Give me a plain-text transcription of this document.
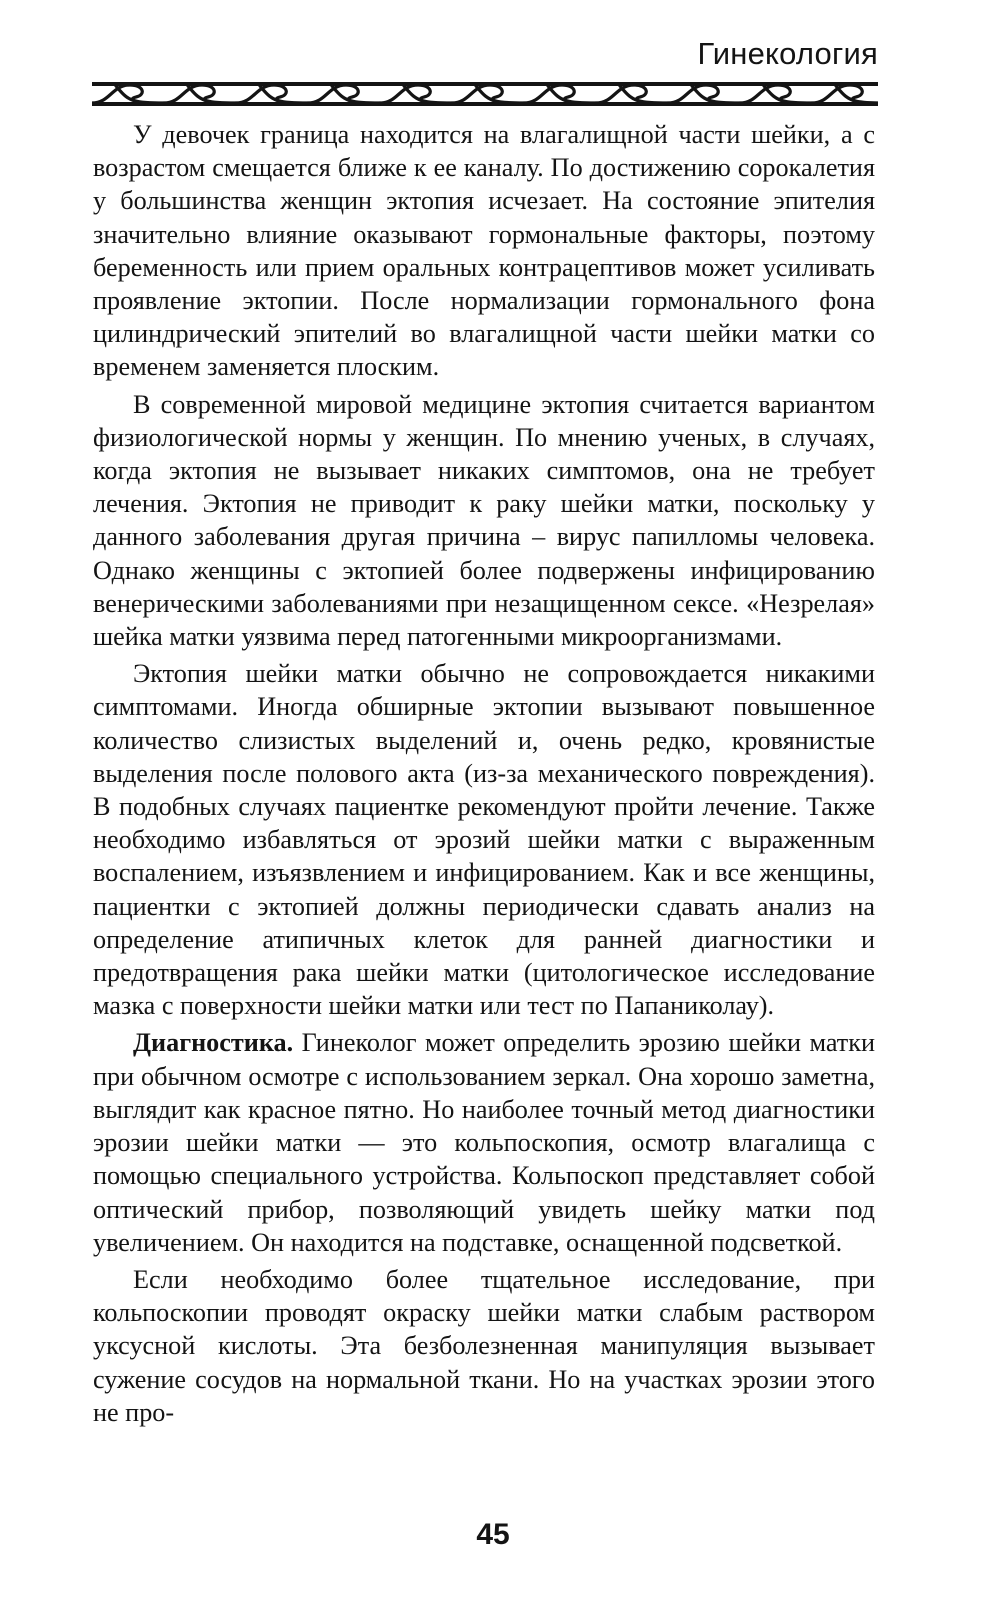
Гинекология

У девочек граница находится на влагалищной части шейки, а с возрастом смещается ближе к ее каналу. По достижению сорокалетия у большинства женщин эктопия исчезает. На состояние эпителия значительно влияние оказывают гормональные факторы, поэтому беременность или прием оральных контрацептивов может усиливать проявление эктопии. После нормализации гормонального фона цилиндрический эпителий во влагалищной части шейки матки со временем заменяется плоским.

В современной мировой медицине эктопия считается вариантом физиологической нормы у женщин. По мнению ученых, в случаях, когда эктопия не вызывает никаких симптомов, она не требует лечения. Эктопия не приводит к раку шейки матки, поскольку у данного заболевания другая причина – вирус папилломы человека. Однако женщины с эктопией более подвержены инфицированию венерическими заболеваниями при незащищенном сексе. «Незрелая» шейка матки уязвима перед патогенными микроорганизмами.

Эктопия шейки матки обычно не сопровождается никакими симптомами. Иногда обширные эктопии вызывают повышенное количество слизистых выделений и, очень редко, кровянистые выделения после полового акта (из-за механического повреждения). В подобных случаях пациентке рекомендуют пройти лечение. Также необходимо избавляться от эрозий шейки матки с выраженным воспалением, изъязвлением и инфицированием. Как и все женщины, пациентки с эктопией должны периодически сдавать анализ на определение атипичных клеток для ранней диагностики и предотвращения рака шейки матки (цитологическое исследование мазка с поверхности шейки матки или тест по Папаниколау).

Диагностика. Гинеколог может определить эрозию шейки матки при обычном осмотре с использованием зеркал. Она хорошо заметна, выглядит как красное пятно. Но наиболее точный метод диагностики эрозии шейки матки — это кольпоскопия, осмотр влагалища с помощью специального устройства. Кольпоскоп представляет собой оптический прибор, позволяющий увидеть шейку матки под увеличением. Он находится на подставке, оснащенной подсветкой.

Если необходимо более тщательное исследование, при кольпоскопии проводят окраску шейки матки слабым раствором уксусной кислоты. Эта безболезненная манипуляция вызывает сужение сосудов на нормальной ткани. Но на участках эрозии этого не про-

45
